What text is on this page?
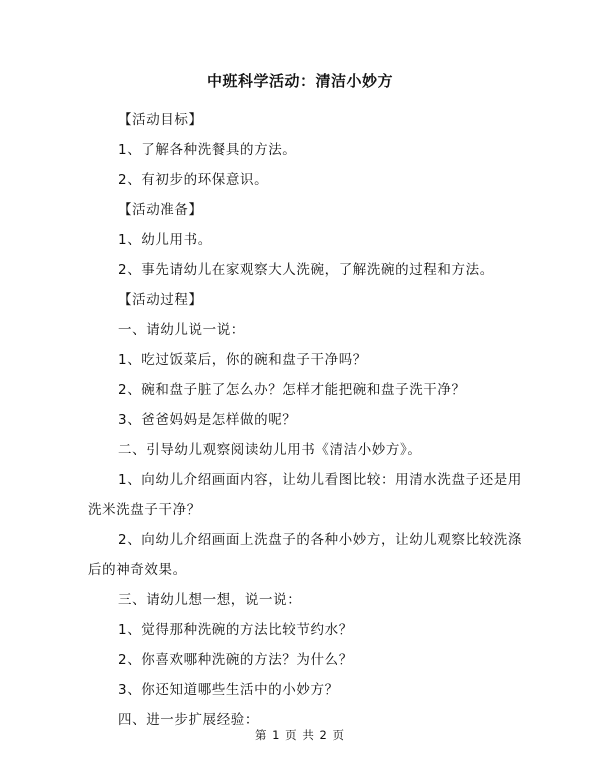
中班科学活动：清洁小妙方
【活动目标】
1、了解各种洗餐具的方法。
2、有初步的环保意识。
【活动准备】
1、幼儿用书。
2、事先请幼儿在家观察大人洗碗，了解洗碗的过程和方法。
【活动过程】
一、请幼儿说一说：
1、吃过饭菜后，你的碗和盘子干净吗？
2、碗和盘子脏了怎么办？怎样才能把碗和盘子洗干净？
3、爸爸妈妈是怎样做的呢？
二、引导幼儿观察阅读幼儿用书《清洁小妙方》。
1、向幼儿介绍画面内容，让幼儿看图比较：用清水洗盘子还是用
洗米洗盘子干净？
2、向幼儿介绍画面上洗盘子的各种小妙方，让幼儿观察比较洗涤
后的神奇效果。
三、请幼儿想一想，说一说：
1、觉得那种洗碗的方法比较节约水？
2、你喜欢哪种洗碗的方法？为什么？
3、你还知道哪些生活中的小妙方？
四、进一步扩展经验：
第 1 页 共 2 页
